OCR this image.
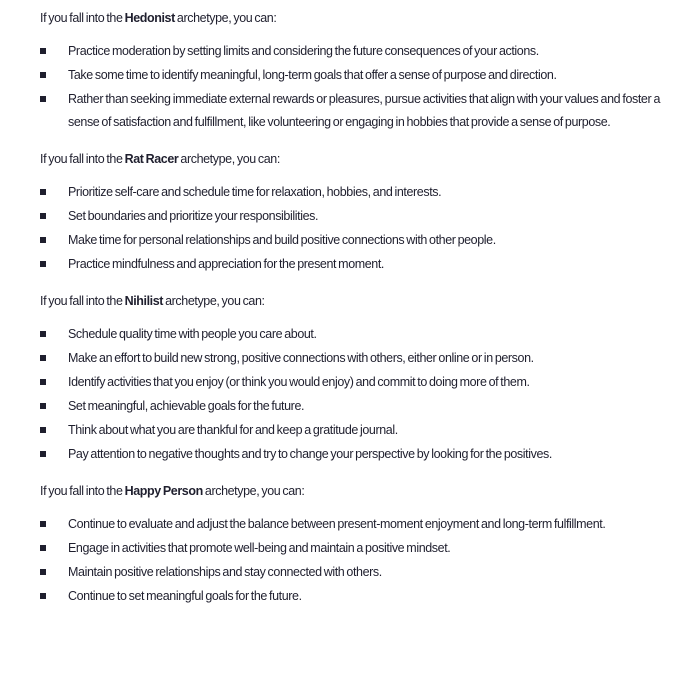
If you fall into the Hedonist archetype, you can:

Practice moderation by setting limits and considering the future consequences of your actions.
Take some time to identify meaningful, long-term goals that offer a sense of purpose and direction.
Rather than seeking immediate external rewards or pleasures, pursue activities that align with your values and foster a sense of satisfaction and fulfillment, like volunteering or engaging in hobbies that provide a sense of purpose.

If you fall into the Rat Racer archetype, you can:

Prioritize self-care and schedule time for relaxation, hobbies, and interests.
Set boundaries and prioritize your responsibilities.
Make time for personal relationships and build positive connections with other people.
Practice mindfulness and appreciation for the present moment.

If you fall into the Nihilist archetype, you can:

Schedule quality time with people you care about.
Make an effort to build new strong, positive connections with others, either online or in person.
Identify activities that you enjoy (or think you would enjoy) and commit to doing more of them.
Set meaningful, achievable goals for the future.
Think about what you are thankful for and keep a gratitude journal.
Pay attention to negative thoughts and try to change your perspective by looking for the positives.

If you fall into the Happy Person archetype, you can:

Continue to evaluate and adjust the balance between present-moment enjoyment and long-term fulfillment.
Engage in activities that promote well-being and maintain a positive mindset.
Maintain positive relationships and stay connected with others.
Continue to set meaningful goals for the future.
